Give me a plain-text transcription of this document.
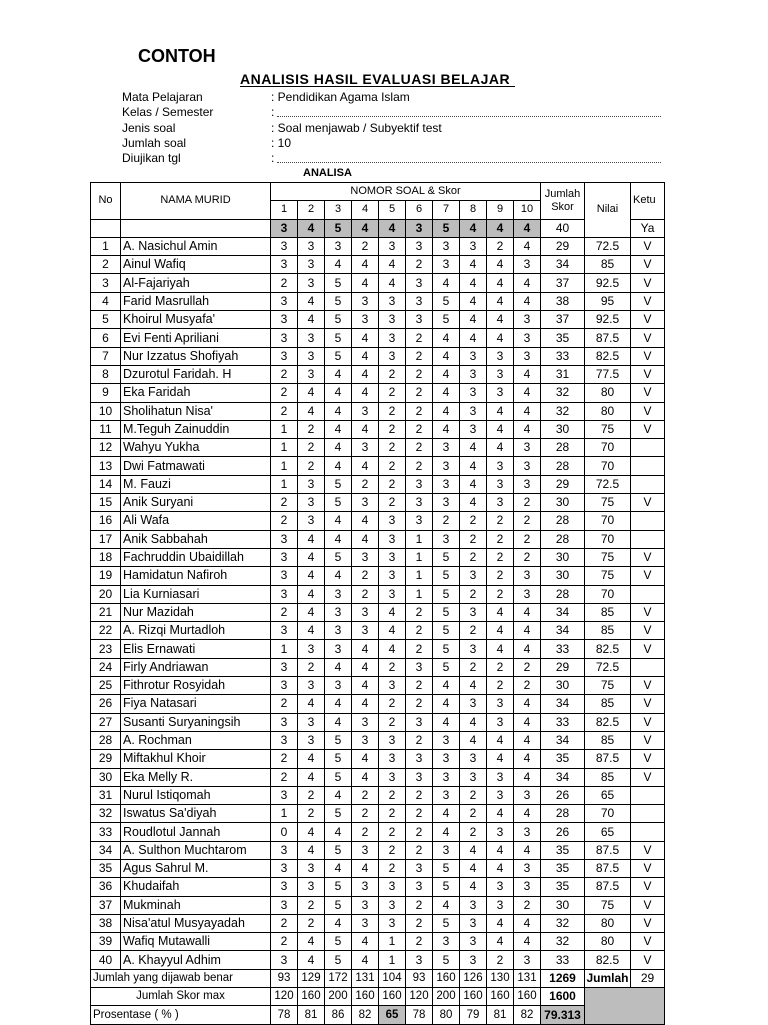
CONTOH
ANALISIS HASIL EVALUASI BELAJAR
Mata Pelajaran	: Pendidikan Agama Islam
Kelas / Semester	:
Jenis soal	: Soal menjawab / Subyektif test
Jumlah soal	: 10
Diujikan tgl	:
ANALISA
No	NAMA MURID	NOMOR SOAL & Skor										Jumlah Skor	Nilai	Ketu
		1	2	3	4	5	6	7	8	9	10			
		3	4	5	4	4	3	5	4	4	4	40		Ya
1	A. Nasichul Amin	3	3	3	2	3	3	3	3	2	4	29	72.5	V
2	Ainul Wafiq	3	3	4	4	4	2	3	4	4	3	34	85	V
3	Al-Fajariyah	2	3	5	4	4	3	4	4	4	4	37	92.5	V
4	Farid Masrullah	3	4	5	3	3	3	5	4	4	4	38	95	V
5	Khoirul Musyafa'	3	4	5	3	3	3	5	4	4	3	37	92.5	V
6	Evi Fenti Apriliani	3	3	5	4	3	2	4	4	4	3	35	87.5	V
7	Nur Izzatus Shofiyah	3	3	5	4	3	2	4	3	3	3	33	82.5	V
8	Dzurotul Faridah. H	2	3	4	4	2	2	4	3	3	4	31	77.5	V
9	Eka Faridah	2	4	4	4	2	2	4	3	3	4	32	80	V
10	Sholihatun Nisa'	2	4	4	3	2	2	4	3	4	4	32	80	V
11	M.Teguh Zainuddin	1	2	4	4	2	2	4	3	4	4	30	75	V
12	Wahyu Yukha	1	2	4	3	2	2	3	4	4	3	28	70	
13	Dwi Fatmawati	1	2	4	4	2	2	3	4	3	3	28	70	
14	M. Fauzi	1	3	5	2	2	3	3	4	3	3	29	72.5	
15	Anik Suryani	2	3	5	3	2	3	3	4	3	2	30	75	V
16	Ali Wafa	2	3	4	4	3	3	2	2	2	2	28	70	
17	Anik Sabbahah	3	4	4	4	3	1	3	2	2	2	28	70	
18	Fachruddin Ubaidillah	3	4	5	3	3	1	5	2	2	2	30	75	V
19	Hamidatun Nafiroh	3	4	4	2	3	1	5	3	2	3	30	75	V
20	Lia Kurniasari	3	4	3	2	3	1	5	2	2	3	28	70	
21	Nur Mazidah	2	4	3	3	4	2	5	3	4	4	34	85	V
22	A. Rizqi Murtadloh	3	4	3	3	4	2	5	2	4	4	34	85	V
23	Elis Ernawati	1	3	3	4	4	2	5	3	4	4	33	82.5	V
24	Firly Andriawan	3	2	4	4	2	3	5	2	2	2	29	72.5	
25	Fithrotur Rosyidah	3	3	3	4	3	2	4	4	2	2	30	75	V
26	Fiya Natasari	2	4	4	4	2	2	4	3	3	4	34	85	V
27	Susanti Suryaningsih	3	3	4	3	2	3	4	4	3	4	33	82.5	V
28	A. Rochman	3	3	5	3	3	2	3	4	4	4	34	85	V
29	Miftakhul Khoir	2	4	5	4	3	3	3	3	4	4	35	87.5	V
30	Eka Melly R.	2	4	5	4	3	3	3	3	3	4	34	85	V
31	Nurul Istiqomah	3	2	4	2	2	2	3	2	3	3	26	65	
32	Iswatus Sa'diyah	1	2	5	2	2	2	4	2	4	4	28	70	
33	Roudlotul Jannah	0	4	4	2	2	2	4	2	3	3	26	65	
34	A. Sulthon Muchtarom	3	4	5	3	2	2	3	4	4	4	35	87.5	V
35	Agus Sahrul M.	3	3	4	4	2	3	5	4	4	3	35	87.5	V
36	Khudaifah	3	3	5	3	3	3	5	4	3	3	35	87.5	V
37	Mukminah	3	2	5	3	3	2	4	3	3	2	30	75	V
38	Nisa'atul Musyayadah	2	2	4	3	3	2	5	3	4	4	32	80	V
39	Wafiq Mutawalli	2	4	5	4	1	2	3	3	4	4	32	80	V
40	A. Khayyul Adhim	3	4	5	4	1	3	5	3	2	3	33	82.5	V
Jumlah yang dijawab benar		93	129	172	131	104	93	160	126	130	131	1269	Jumlah	29
Jumlah Skor max		120	160	200	160	160	120	200	160	160	160	1600		
Prosentase ( % )		78	81	86	82	65	78	80	79	81	82	79.313		
